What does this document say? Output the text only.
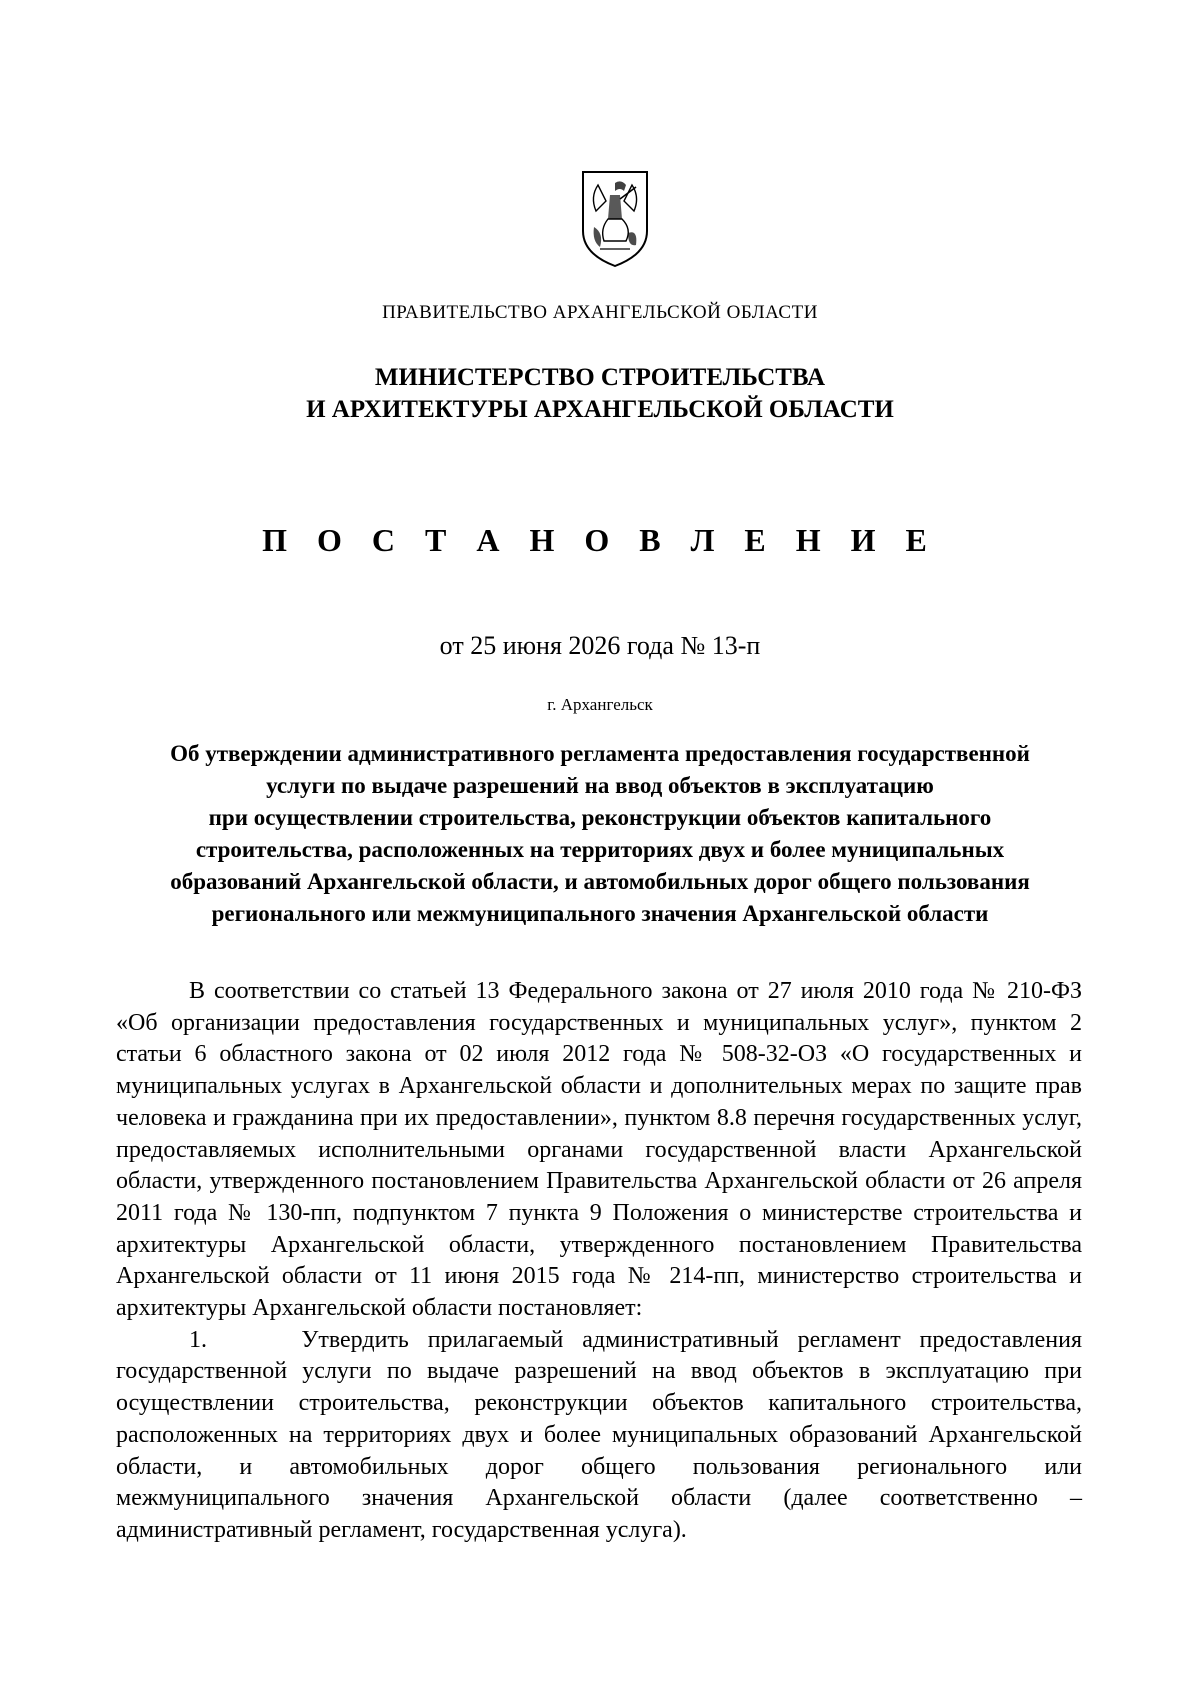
ПРАВИТЕЛЬСТВО АРХАНГЕЛЬСКОЙ ОБЛАСТИ
МИНИСТЕРСТВО СТРОИТЕЛЬСТВА
И АРХИТЕКТУРЫ АРХАНГЕЛЬСКОЙ ОБЛАСТИ
П О С Т А Н О В Л Е Н И Е
от 25 июня 2026 года № 13-п
г. Архангельск
Об утверждении административного регламента предоставления государственной
услуги по выдаче разрешений на ввод объектов в эксплуатацию
при осуществлении строительства, реконструкции объектов капитального
строительства, расположенных на территориях двух и более муниципальных
образований Архангельской области, и автомобильных дорог общего пользования
регионального или межмуниципального значения Архангельской области

В соответствии со статьей 13 Федерального закона от 27 июля 2010 года № 210-ФЗ «Об организации предоставления государственных и муниципальных услуг», пунктом 2 статьи 6 областного закона от 02 июля 2012 года № 508-32-ОЗ «О государственных и муниципальных услугах в Архангельской области и дополнительных мерах по защите прав человека и гражданина при их предоставлении», пунктом 8.8 перечня государственных услуг, предоставляемых исполнительными органами государственной власти Архангельской области, утвержденного постановлением Правительства Архангельской области от 26 апреля 2011 года № 130-пп, подпунктом 7 пункта 9 Положения о министерстве строительства и архитектуры Архангельской области, утвержденного постановлением Правительства Архангельской области от 11 июня 2015 года № 214-пп, министерство строительства и архитектуры Архангельской области постановляет:

1.     Утвердить прилагаемый административный регламент предоставления государственной услуги по выдаче разрешений на ввод объектов в эксплуатацию при осуществлении строительства, реконструкции объектов капитального строительства, расположенных на территориях двух и более муниципальных образований Архангельской области, и автомобильных дорог общего пользования регионального или межмуниципального значения Архангельской области (далее соответственно – административный регламент, государственная услуга).
